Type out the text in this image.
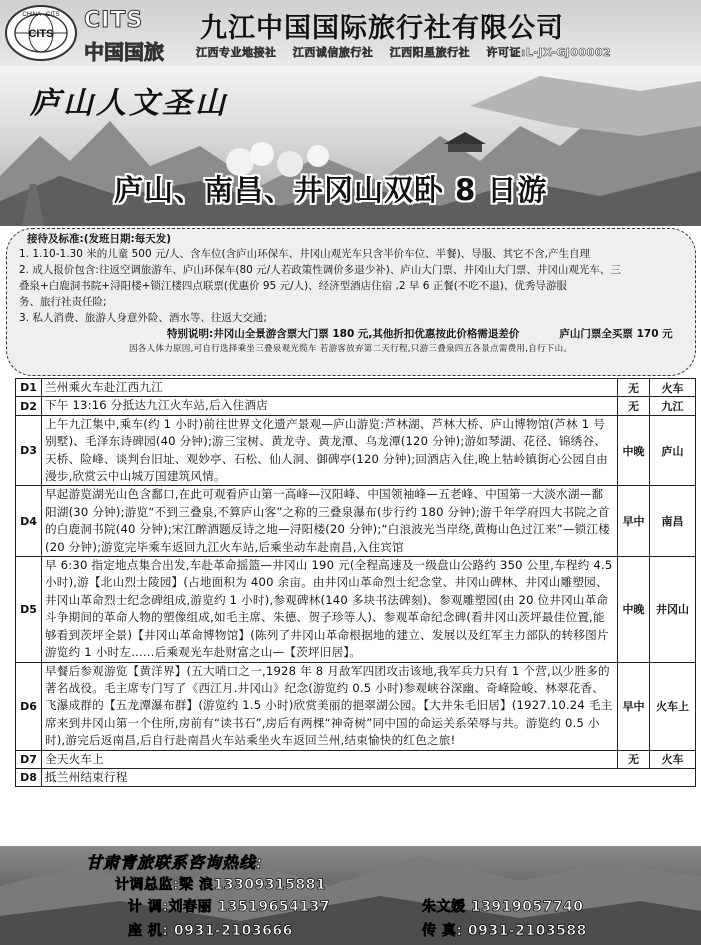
CITS
CHINA · CITS CITS
中国国旅
九江中国国际旅行社有限公司
江西专业地接社 江西诚信旅行社 江西阳星旅行社 许可证:L-JX-GJ00002
庐山人文圣山
庐山、南昌、井冈山双卧 8 日游
接待及标准:(发班日期:每天发)
1. 1.10-1.30 米的儿童 500 元/人、含车位(含庐山环保车、井冈山观光车只含半价车位、半餐)、导服、其它不含,产生自理
2. 成人报价包含:往返空调旅游车、庐山环保车(80 元/人若政策性调价多退少补)、庐山大门票、井冈山大门票、井冈山观光车、三
叠泉+白鹿洞书院+浔阳楼+锁江楼四点联票(优惠价 95 元/人)、经济型酒店住宿 ,2 早 6 正餐(不吃不退)、优秀导游服
务、旅行社责任险;
3. 私人消费、旅游人身意外险、酒水等、往返大交通;
特别说明:井冈山全景游含票大门票 180 元,其他折扣优惠按此价格需退差价	庐山门票全买票 170 元
因各人体力原因,可自行选择乘坐三叠泉观光缆车 若游客放弃第二天行程,只游三叠泉四五各景点需费用,自行下山。
D1	兰州乘火车赴江西九江	无	火车
D2	下午 13:16 分抵达九江火车站,后入住酒店	无	九江
D3	上午九江集中,乘车(约 1 小时)前往世界文化遗产景观—庐山游览:芦林湖、芦林大桥、庐山博物馆(芦林 1 号别墅)、毛泽东诗碑园(40 分钟);游三宝树、黄龙寺、黄龙潭、乌龙潭(120 分钟);游如琴湖、花径、锦绣谷、天桥、险峰、谈判台旧址、观妙亭、石松、仙人洞、御碑亭(120 分钟);回酒店入住,晚上牯岭镇街心公园自由漫步,欣赏云中山城万国建筑风情。	中晚	庐山
D4	早起游览湖光山色含鄱口,在此可观看庐山第一高峰—汉阳峰、中国领袖峰—五老峰、中国第一大淡水湖—鄱阳湖(30 分钟);游览“不到三叠泉,不算庐山客”之称的三叠泉瀑布(步行约 180 分钟);游千年学府四大书院之首的白鹿洞书院(40 分钟);宋江醉酒题反诗之地—浔阳楼(20 分钟);“白浪波光当岸绕,黄梅山色过江来”—锁江楼(20 分钟);游览完毕乘车返回九江火车站,后乘坐动车赴南昌,入住宾馆	早中	南昌
D5	早 6:30 指定地点集合出发,车赴革命摇篮—井冈山 190 元(全程高速及一级盘山公路约 350 公里,车程约 4.5 小时),游【北山烈士陵园】(占地面积为 400 余亩。由井冈山革命烈士纪念堂、井冈山碑林、井冈山雕塑园、井冈山革命烈士纪念碑组成,游览约 1 小时),参观碑林(140 多块书法碑刻)、参观雕塑园(由 20 位井冈山革命斗争期间的革命人物的塑像组成,如毛主席、朱德、贺子珍等人)、参观革命纪念碑(看井冈山茨坪最佳位置,能够看到茨坪全景)【井冈山革命博物馆】(陈列了井冈山革命根据地的建立、发展以及红军主力部队的转移图片游览约 1 小时左……后乘观光车赴财富之山—【茨坪旧居】。	中晚	井冈山
D6	早餐后参观游览【黄洋界】(五大哨口之一,1928 年 8 月敌军四团攻击该地,我军兵力只有 1 个营,以少胜多的著名战役。毛主席专门写了《西江月.井冈山》纪念(游览约 0.5 小时)参观峡谷深幽、奇峰险峻、林翠花香、飞瀑成群的【五龙潭瀑布群】(游览约 1.5 小时)欣赏美丽的挹翠湖公园。【大井朱毛旧居】(1927.10.24 毛主席来到井冈山第一个住所,房前有“读书石”,房后有两棵“神奇树”同中国的命运关系荣辱与共。游览约 0.5 小时),游完后返南昌,后自行赴南昌火车站乘坐火车返回兰州,结束愉快的红色之旅!	早中	火车上
D7	全天火车上	无	火车
D8	抵兰州结束行程		
甘肃青旅联系咨询热线:
计调总监:梁 浪13309315881
计 调:刘春丽 13519654137	朱文媛 13919057740
座 机: 0931-2103666	传 真: 0931-2103588
